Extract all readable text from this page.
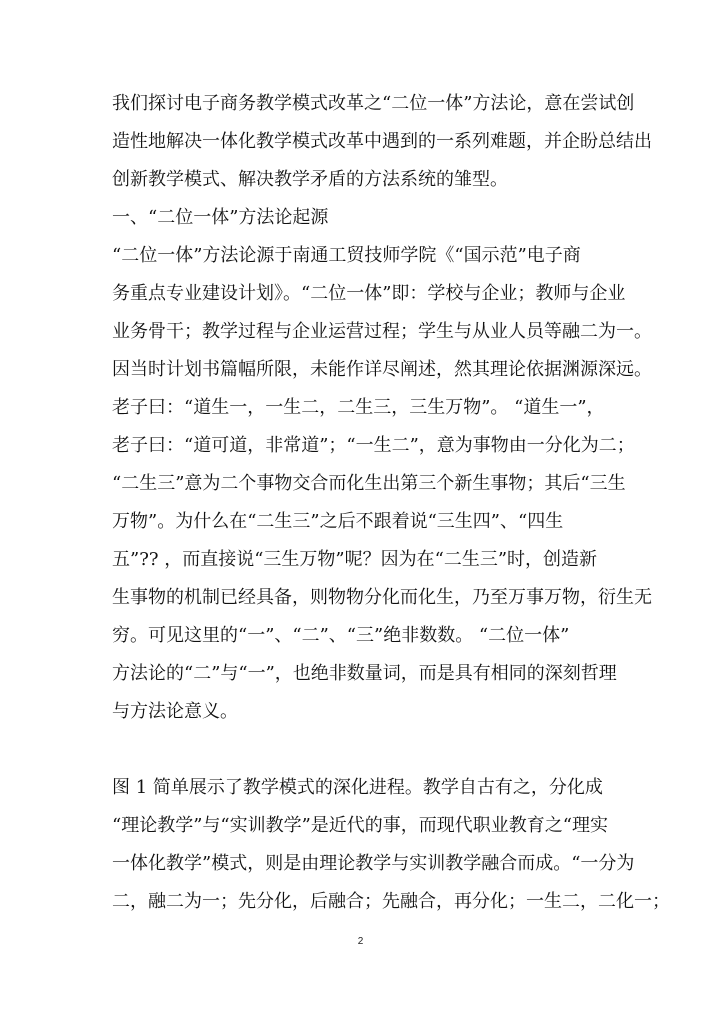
我们探讨电子商务教学模式改革之“二位一体”方法论，意在尝试创
造性地解决一体化教学模式改革中遇到的一系列难题，并企盼总结出
创新教学模式、解决教学矛盾的方法系统的雏型。
一、“二位一体”方法论起源
“二位一体”方法论源于南通工贸技师学院《“国示范”电子商
务重点专业建设计划》。“二位一体”即：学校与企业；教师与企业
业务骨干；教学过程与企业运营过程；学生与从业人员等融二为一。
因当时计划书篇幅所限，未能作详尽阐述，然其理论依据渊源深远。
老子曰：“道生一，一生二，二生三，三生万物”。 “道生一”，
老子曰：“道可道，非常道”；“一生二”，意为事物由一分化为二；
“二生三”意为二个事物交合而化生出第三个新生事物；其后“三生
万物”。为什么在“二生三”之后不跟着说“三生四”、“四生
五”?? ，而直接说“三生万物”呢？因为在“二生三”时，创造新
生事物的机制已经具备，则物物分化而化生，乃至万事万物，衍生无
穷。可见这里的“一”、“二”、“三”绝非数数。 “二位一体”
方法论的“二”与“一”，也绝非数量词，而是具有相同的深刻哲理
与方法论意义。
图 1 简单展示了教学模式的深化进程。教学自古有之，分化成
“理论教学”与“实训教学”是近代的事，而现代职业教育之“理实
一体化教学”模式，则是由理论教学与实训教学融合而成。“一分为
二，融二为一；先分化，后融合；先融合，再分化；一生二，二化一；
2
